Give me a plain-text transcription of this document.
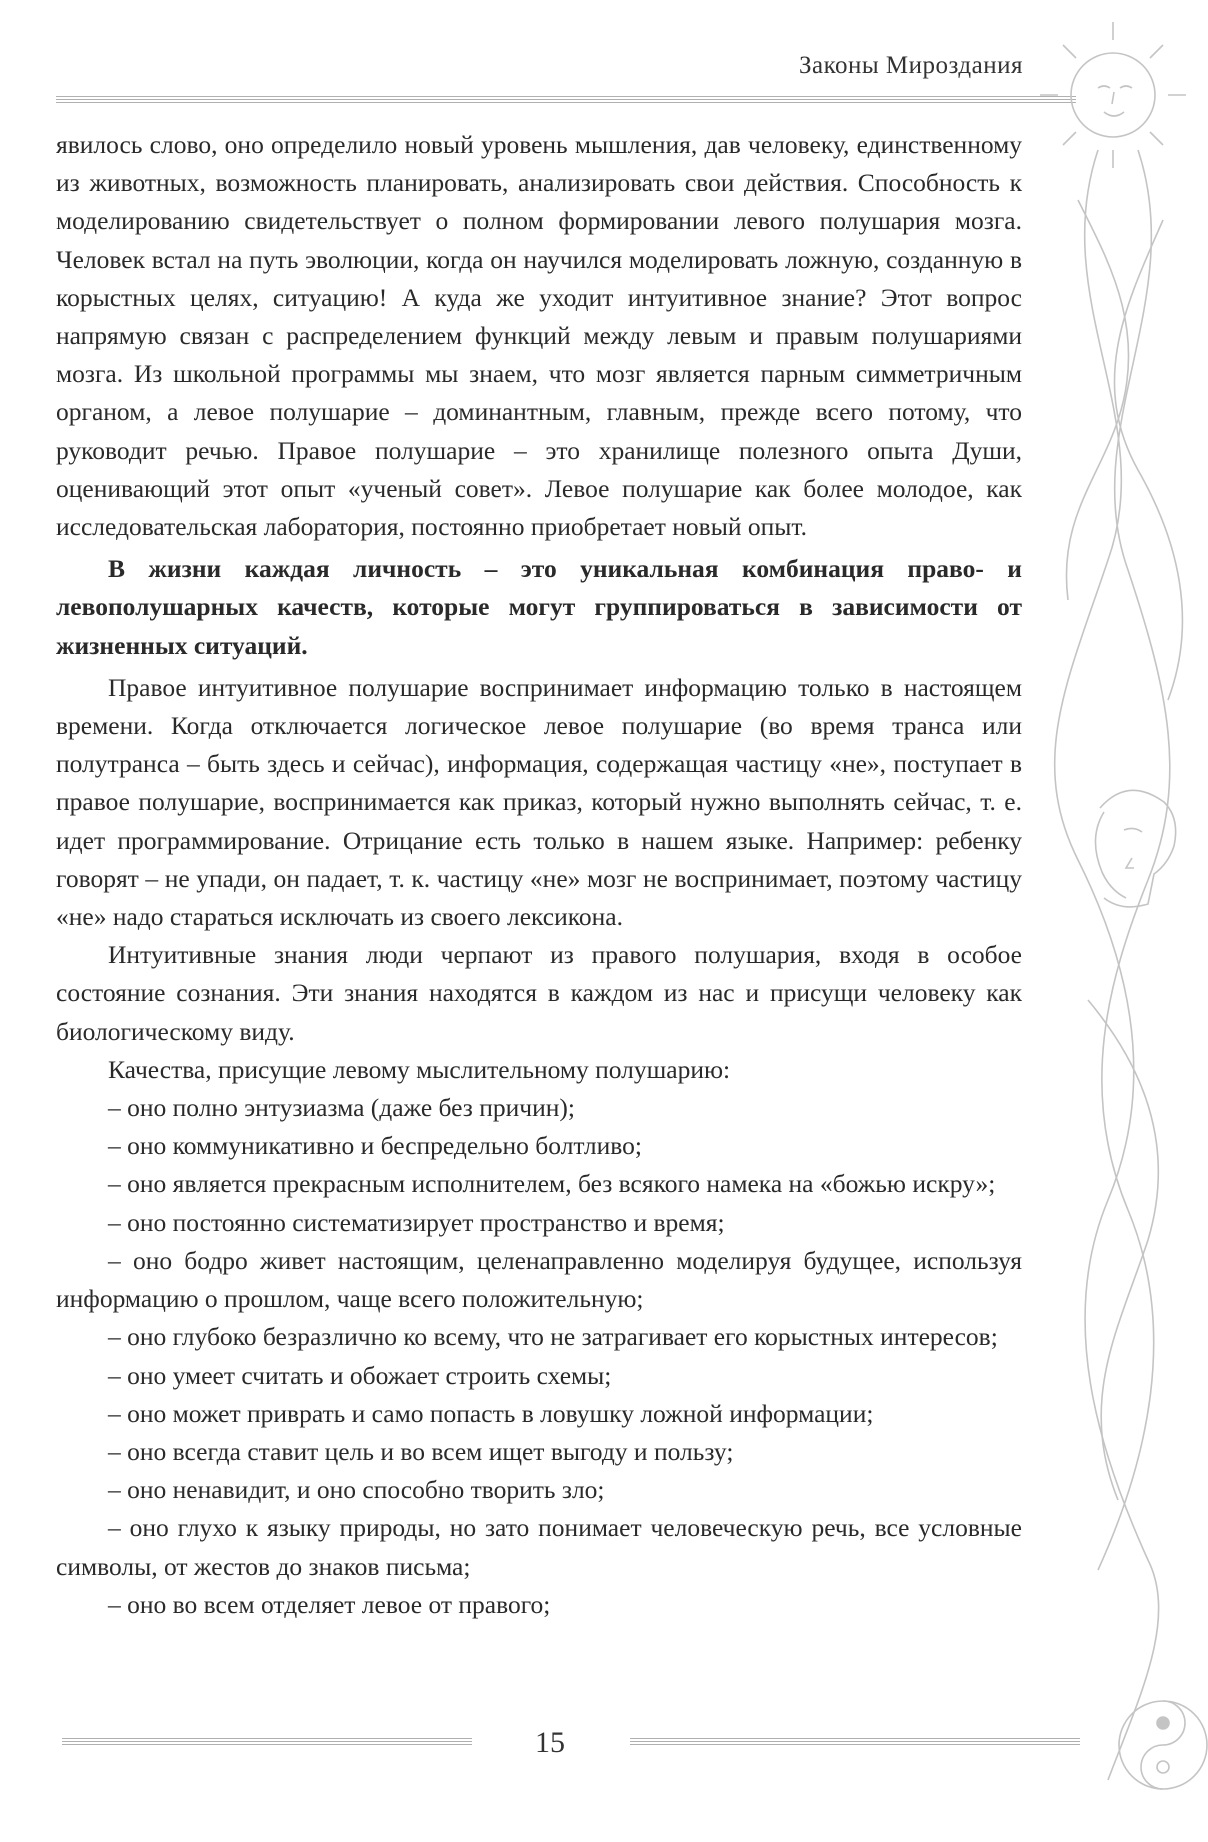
Законы Мироздания

явилось слово, оно определило новый уровень мышления, дав человеку, единственному из животных, возможность планировать, анализировать свои действия. Способность к моделированию свидетельствует о полном формировании левого полушария мозга. Человек встал на путь эволюции, когда он научился моделировать ложную, созданную в корыстных целях, ситуацию! А куда же уходит интуитивное знание? Этот вопрос напрямую связан с распределением функций между левым и правым полушариями мозга. Из школьной программы мы знаем, что мозг является парным симметричным органом, а левое полушарие – доминантным, главным, прежде всего потому, что руководит речью. Правое полушарие – это хранилище полезного опыта Души, оценивающий этот опыт «ученый совет». Левое полушарие как более молодое, как исследовательская лаборатория, постоянно приобретает новый опыт.

В жизни каждая личность – это уникальная комбинация право- и левополушарных качеств, которые могут группироваться в зависимости от жизненных ситуаций.

Правое интуитивное полушарие воспринимает информацию только в настоящем времени. Когда отключается логическое левое полушарие (во время транса или полутранса – быть здесь и сейчас), информация, содержащая частицу «не», поступает в правое полушарие, воспринимается как приказ, который нужно выполнять сейчас, т. е. идет программирование. Отрицание есть только в нашем языке. Например: ребенку говорят – не упади, он падает, т. к. частицу «не» мозг не воспринимает, поэтому частицу «не» надо стараться исключать из своего лексикона.

Интуитивные знания люди черпают из правого полушария, входя в особое состояние сознания. Эти знания находятся в каждом из нас и присущи человеку как биологическому виду.

Качества, присущие левому мыслительному полушарию:

– оно полно энтузиазма (даже без причин);

– оно коммуникативно и беспредельно болтливо;

– оно является прекрасным исполнителем, без всякого намека на «божью искру»;

– оно постоянно систематизирует пространство и время;

– оно бодро живет настоящим, целенаправленно моделируя будущее, используя информацию о прошлом, чаще всего положительную;

– оно глубоко безразлично ко всему, что не затрагивает его корыстных интересов;

– оно умеет считать и обожает строить схемы;

– оно может приврать и само попасть в ловушку ложной информации;

– оно всегда ставит цель и во всем ищет выгоду и пользу;

– оно ненавидит, и оно способно творить зло;

– оно глухо к языку природы, но зато понимает человеческую речь, все условные символы, от жестов до знаков письма;

– оно во всем отделяет левое от правого;

15
